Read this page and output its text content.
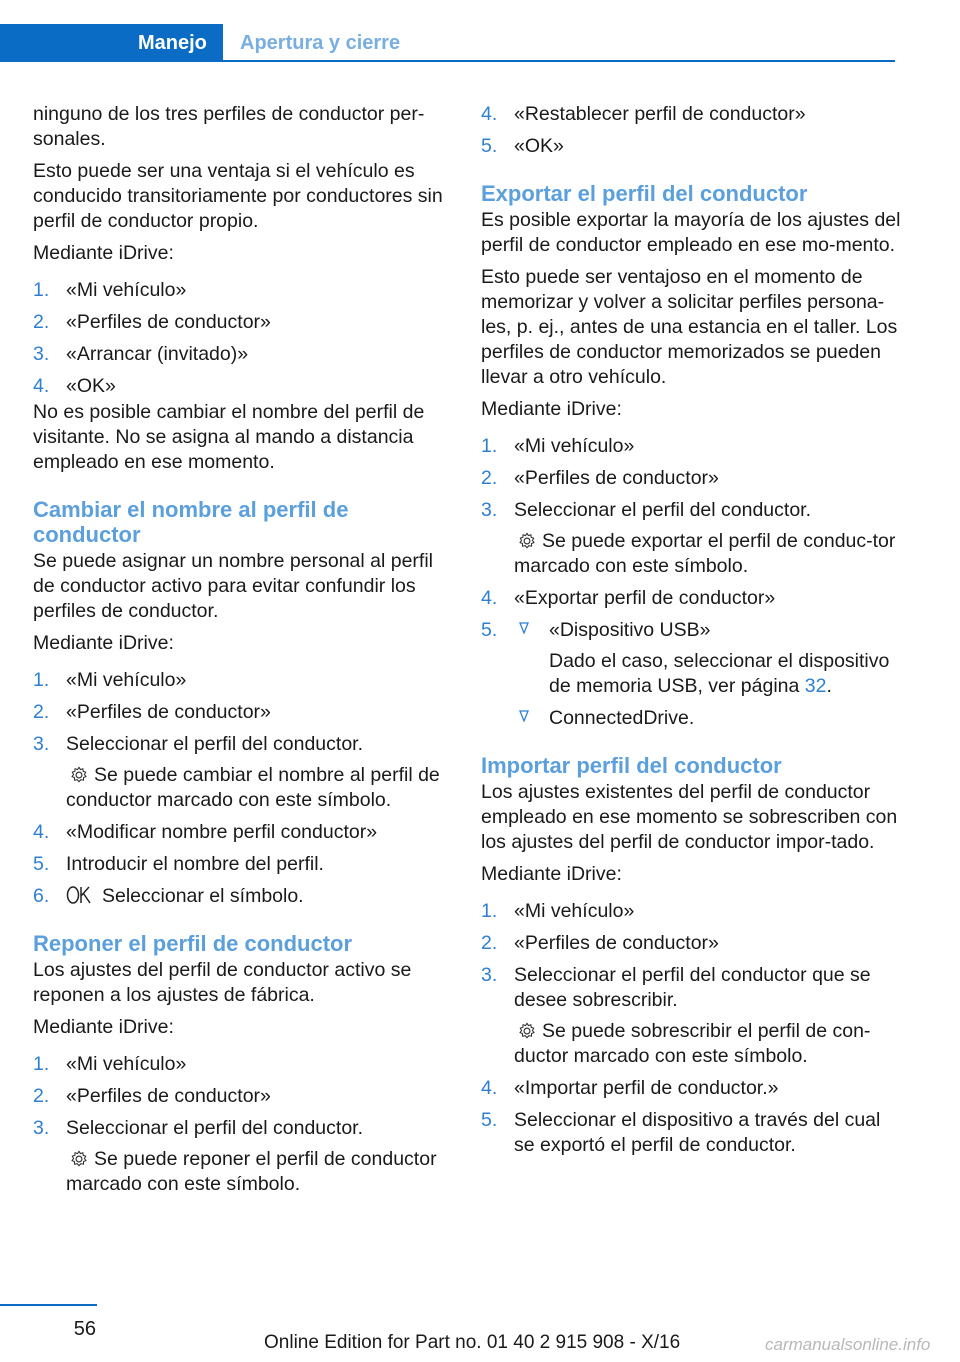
Manejo	Apertura y cierre

ninguno de los tres perfiles de conductor per-sonales.

Esto puede ser una ventaja si el vehículo es conducido transitoriamente por conductores sin perfil de conductor propio.

Mediante iDrive:

1. «Mi vehículo»
2. «Perfiles de conductor»
3. «Arrancar (invitado)»
4. «OK»

No es posible cambiar el nombre del perfil de visitante. No se asigna al mando a distancia empleado en ese momento.

Cambiar el nombre al perfil de conductor

Se puede asignar un nombre personal al perfil de conductor activo para evitar confundir los perfiles de conductor.

Mediante iDrive:

1. «Mi vehículo»
2. «Perfiles de conductor»
3. Seleccionar el perfil del conductor.
Se puede cambiar el nombre al perfil de conductor marcado con este símbolo.
4. «Modificar nombre perfil conductor»
5. Introducir el nombre del perfil.
6.	Seleccionar el símbolo.
Reponer el perfil de conductor

Los ajustes del perfil de conductor activo se reponen a los ajustes de fábrica.

Mediante iDrive:

1. «Mi vehículo»
2. «Perfiles de conductor»
3. Seleccionar el perfil del conductor.
Se puede reponer el perfil de conductor marcado con este símbolo.
4. «Restablecer perfil de conductor»
5. «OK»
Exportar el perfil del conductor

Es posible exportar la mayoría de los ajustes del perfil de conductor empleado en ese mo-mento.

Esto puede ser ventajoso en el momento de memorizar y volver a solicitar perfiles persona-les, p. ej., antes de una estancia en el taller. Los perfiles de conductor memorizados se pueden llevar a otro vehículo.

Mediante iDrive:

1. «Mi vehículo»
2. «Perfiles de conductor»
3. Seleccionar el perfil del conductor.
Se puede exportar el perfil de conduc-tor marcado con este símbolo.
4. «Exportar perfil de conductor»
5.	«Dispositivo USB»
Dado el caso, seleccionar el dispositivo de memoria USB, ver página 32.
ConnectedDrive.
Importar perfil del conductor

Los ajustes existentes del perfil de conductor empleado en ese momento se sobrescriben con los ajustes del perfil de conductor impor-tado.

Mediante iDrive:

1. «Mi vehículo»
2. «Perfiles de conductor»
3. Seleccionar el perfil del conductor que se desee sobrescribir.
Se puede sobrescribir el perfil de con-ductor marcado con este símbolo.
4. «Importar perfil de conductor.»
5. Seleccionar el dispositivo a través del cual se exportó el perfil de conductor.
56
Online Edition for Part no. 01 40 2 915 908 - X/16	carmanualsonline.info
